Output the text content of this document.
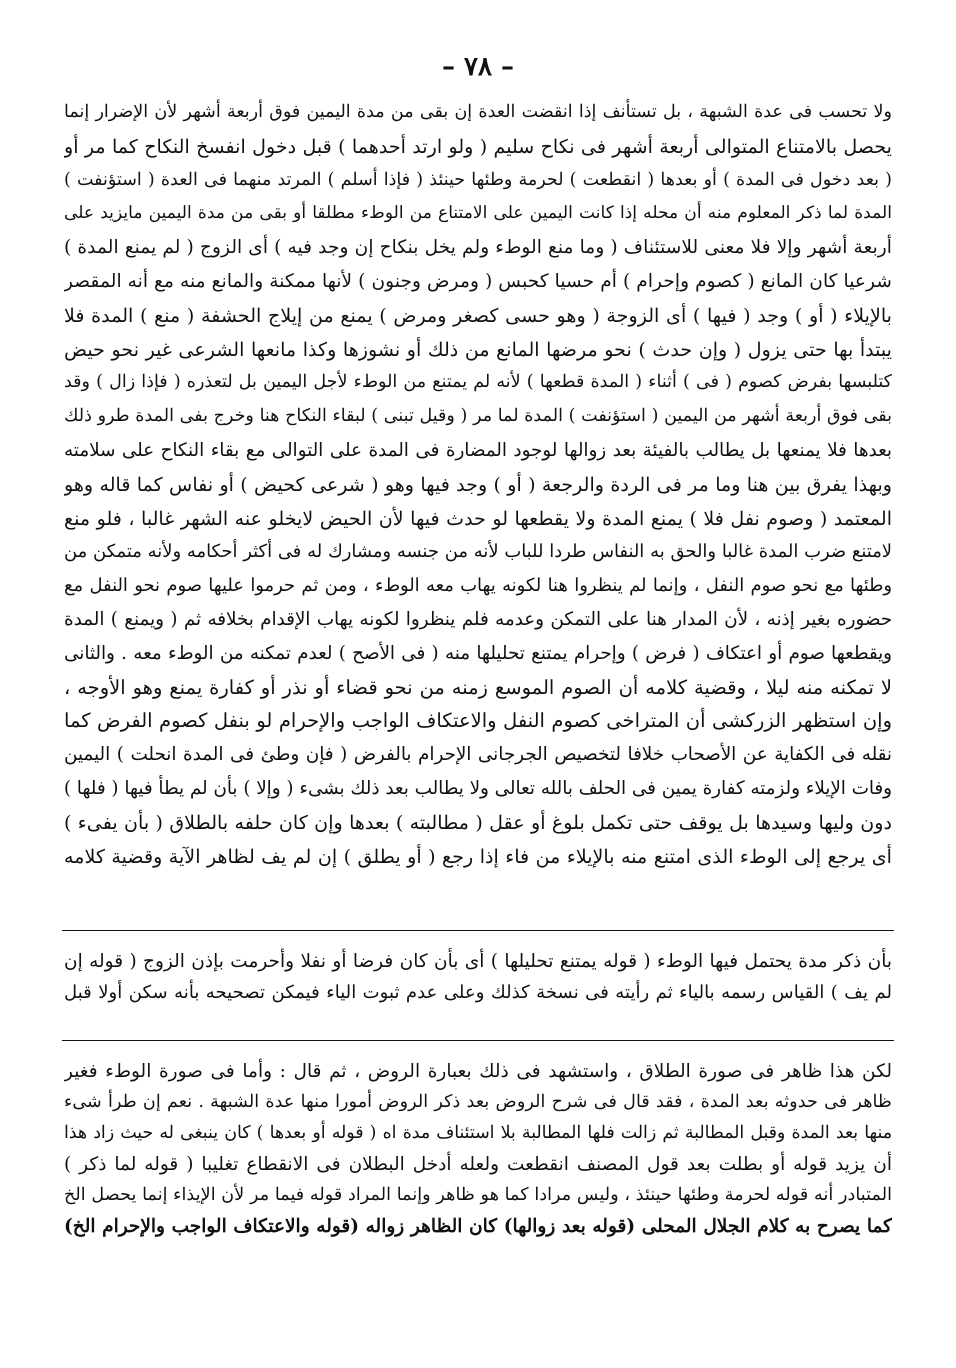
– ٧٨ –
ولا تحسب فى عدة الشبهة ، بل تستأنف إذا انقضت العدة إن بقى من مدة اليمين فوق أربعة أشهر لأن الإضرار إنما
يحصل بالامتناع المتوالى أربعة أشهر فى نكاح سليم ( ولو ارتد أحدهما ) قبل دخول انفسخ النكاح كما مر أو
( بعد دخول فى المدة ) أو بعدها ( انقطعت ) لحرمة وطئها حينئذ ( فإذا أسلم ) المرتد منهما فى العدة ( استؤنفت )
المدة لما ذكر المعلوم منه أن محله إذا كانت اليمين على الامتناع من الوطء مطلقا أو بقى من مدة اليمين مايزيد على
أربعة أشهر وإلا فلا معنى للاستئناف ( وما منع الوطء ولم يخل بنكاح إن وجد فيه ) أى الزوج ( لم يمنع المدة )
شرعيا كان المانع ( كصوم وإحرام ) أم حسيا كحبس ( ومرض وجنون ) لأنها ممكنة والمانع منه مع أنه المقصر
بالإيلاء ( أو ) وجد ( فيها ) أى الزوجة ( وهو حسى كصغر ومرض ) يمنع من إيلاج الحشفة ( منع ) المدة فلا
يبتدأ بها حتى يزول ( وإن حدث ) نحو مرضها المانع من ذلك أو نشوزها وكذا مانعها الشرعى غير نحو حيض
كتلبسها بفرض كصوم ( فى ) أثناء ( المدة قطعها ) لأنه لم يمتنع من الوطء لأجل اليمين بل لتعذره ( فإذا زال ) وقد
بقى فوق أربعة أشهر من اليمين ( استؤنفت ) المدة لما مر ( وقيل تبنى ) لبقاء النكاح هنا وخرج بفى المدة طرو ذلك
بعدها فلا يمنعها بل يطالب بالفيئة بعد زوالها لوجود المضارة فى المدة على التوالى مع بقاء النكاح على سلامته
وبهذا يفرق بين هنا وما مر فى الردة والرجعة ( أو ) وجد فيها وهو ( شرعى كحيض ) أو نفاس كما قاله وهو
المعتمد ( وصوم نفل فلا ) يمنع المدة ولا يقطعها لو حدث فيها لأن الحيض لايخلو عنه الشهر غالبا ، فلو منع
لامتنع ضرب المدة غالبا والحق به النفاس طردا للباب لأنه من جنسه ومشارك له فى أكثر أحكامه ولأنه متمكن من
وطئها مع نحو صوم النفل ، وإنما لم ينظروا هنا لكونه يهاب معه الوطء ، ومن ثم حرموا عليها صوم نحو النفل مع
حضوره بغير إذنه ، لأن المدار هنا على التمكن وعدمه فلم ينظروا لكونه يهاب الإقدام بخلافه ثم ( ويمنع ) المدة
ويقطعها صوم أو اعتكاف ( فرض ) وإحرام يمتنع تحليلها منه ( فى الأصح ) لعدم تمكنه من الوطء معه . والثانى
لا تمكنه منه ليلا ، وقضية كلامه أن الصوم الموسع زمنه من نحو قضاء أو نذر أو كفارة يمنع وهو الأوجه ،
وإن استظهر الزركشى أن المتراخى كصوم النفل والاعتكاف الواجب والإحرام لو بنفل كصوم الفرض كما
نقله فى الكفاية عن الأصحاب خلافا لتخصيص الجرجانى الإحرام بالفرض ( فإن وطئ فى المدة انحلت ) اليمين
وفات الإيلاء ولزمته كفارة يمين فى الحلف بالله تعالى ولا يطالب بعد ذلك بشىء ( وإلا ) بأن لم يطأ فيها ( فلها )
دون وليها وسيدها بل يوقف حتى تكمل بلوغ أو عقل ( مطالبته ) بعدها وإن كان حلفه بالطلاق ( بأن يفىء )
أى يرجع إلى الوطء الذى امتنع منه بالإيلاء من فاء إذا رجع ( أو يطلق ) إن لم يف لظاهر الآية وقضية كلامه
بأن ذكر مدة يحتمل فيها الوطء ( قوله يمتنع تحليلها ) أى بأن كان فرضا أو نفلا وأحرمت بإذن الزوج ( قوله إن
لم يف ) القياس رسمه بالياء ثم رأيته فى نسخة كذلك وعلى عدم ثبوت الياء فيمكن تصحيحه بأنه سكن أولا قبل
لكن هذا ظاهر فى صورة الطلاق ، واستشهد فى ذلك بعبارة الروض ، ثم قال : وأما فى صورة الوطء فغير
ظاهر فى حدوثه بعد المدة ، فقد قال فى شرح الروض بعد ذكر الروض أمورا منها عدة الشبهة . نعم إن طرأ شىء
منها بعد المدة وقبل المطالبة ثم زالت فلها المطالبة بلا استئناف مدة اه ( قوله أو بعدها ) كان ينبغى له حيث زاد هذا
أن يزيد قوله أو بطلت بعد قول المصنف انقطعت ولعله أدخل البطلان فى الانقطاع تغليبا ( قوله لما ذكر )
المتبادر أنه قوله لحرمة وطئها حينئذ ، وليس مرادا كما هو ظاهر وإنما المراد قوله فيما مر لأن الإيذاء إنما يحصل الخ
كما يصرح به كلام الجلال المحلى (قوله بعد زوالها) كان الظاهر زواله (قوله والاعتكاف الواجب والإحرام الخ)
